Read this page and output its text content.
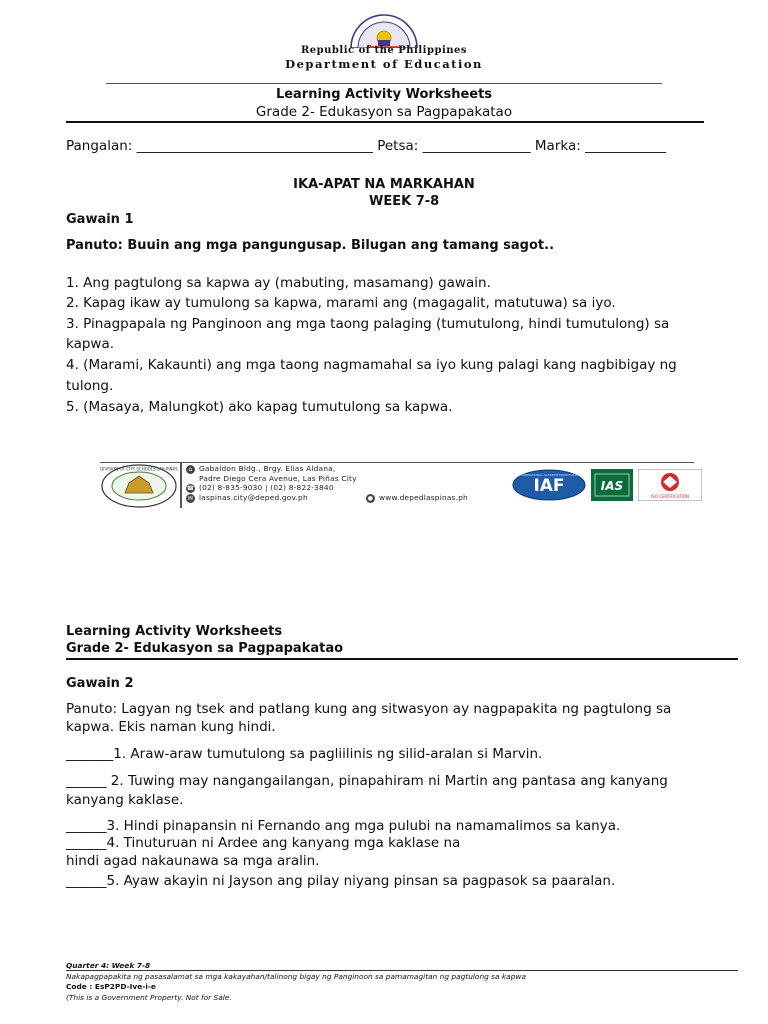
Republic of the Philippines
Department of Education
Learning Activity Worksheets
Grade 2- Edukasyon sa Pagpapakatao
Pangalan: ___________________________________ Petsa: ________________ Marka: ____________
IKA-APAT NA MARKAHAN
WEEK 7-8
Gawain 1
Panuto: Buuin ang mga pangungusap. Bilugan ang tamang sagot..
1. Ang pagtulong sa kapwa ay (mabuting, masamang) gawain.
2. Kapag ikaw ay tumulong sa kapwa, marami ang (magagalit, matutuwa) sa iyo.
3. Pinagpapala ng Panginoon ang mga taong palaging (tumutulong, hindi tumutulong) sa
kapwa.
4. (Marami, Kakaunti) ang mga taong nagmamahal sa iyo kung palagi kang nagbibigay ng
tulong.
5. (Masaya, Malungkot) ako kapag tumutulong sa kapwa.
DIVISION OF CITY SCHOOLS LAS PIÑAS	⌂ Gabaldon Bldg., Brgy. Elias Aldana,
Padre Diego Cera Avenue, Las Piñas City
☎ (02) 8-835-9030 | (02) 8-822-3840
✉ laspinas.city@deped.gov.ph	● www.depedlaspinas.ph
IAF
INTERNATIONAL ACCREDITATION FORUM
IAS
ISO CERTIFICATION
Learning Activity Worksheets
Grade 2- Edukasyon sa Pagpapakatao
Gawain 2
Panuto: Lagyan ng tsek and patlang kung ang sitwasyon ay nagpapakita ng pagtulong sa
kapwa. Ekis naman kung hindi.
_______1. Araw-araw tumutulong sa pagliilinis ng silid-aralan si Marvin.
______ 2. Tuwing may nangangailangan, pinapahiram ni Martin ang pantasa ang kanyang
kanyang kaklase.
______3. Hindi pinapansin ni Fernando ang mga pulubi na namamalimos sa kanya.
______4. Tinuturuan ni Ardee ang kanyang mga kaklase na
hindi agad nakaunawa sa mga aralin.
______5. Ayaw akayin ni Jayson ang pilay niyang pinsan sa pagpasok sa paaralan.
Quarter 4: Week 7-8
Nakapagpapakita ng pasasalamat sa mga kakayahan/talinong bigay ng Panginoon sa pamamagitan ng pagtulong sa kapwa
Code : EsP2PD-Ive-i-e
(This is a Government Property. Not for Sale.
